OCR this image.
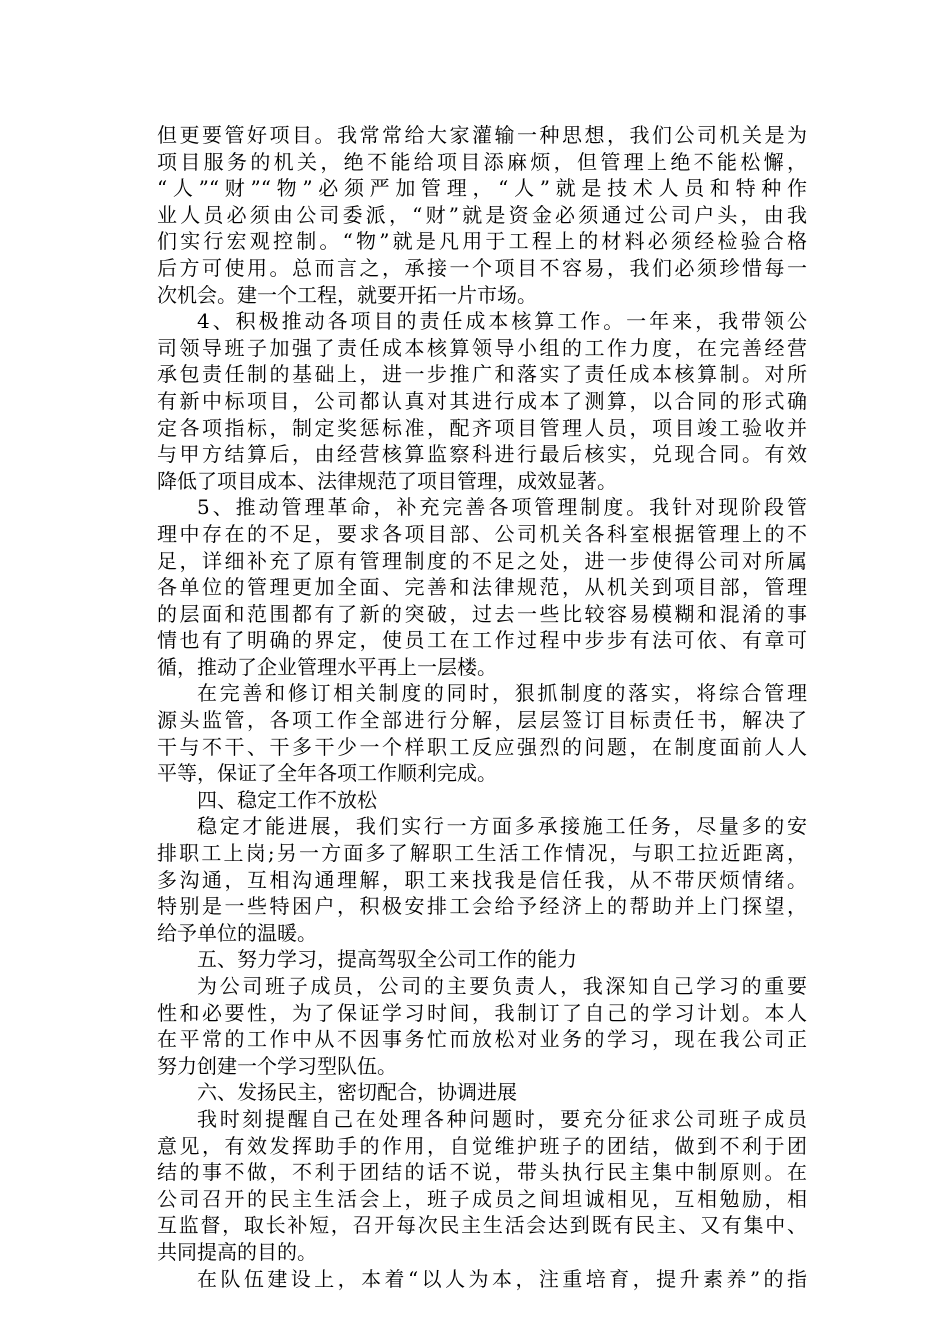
但更要管好项目。我常常给大家灌输一种思想，我们公司机关是为
项目服务的机关，绝不能给项目添麻烦，但管理上绝不能松懈，
“人”“财”“物”必须严加管理，“人”就是技术人员和特种作
业人员必须由公司委派，“财”就是资金必须通过公司户头，由我
们实行宏观控制。“物”就是凡用于工程上的材料必须经检验合格
后方可使用。总而言之，承接一个项目不容易，我们必须珍惜每一
次机会。建一个工程，就要开拓一片市场。
4、积极推动各项目的责任成本核算工作。一年来，我带领公
司领导班子加强了责任成本核算领导小组的工作力度，在完善经营
承包责任制的基础上，进一步推广和落实了责任成本核算制。对所
有新中标项目，公司都认真对其进行成本了测算，以合同的形式确
定各项指标，制定奖惩标准，配齐项目管理人员，项目竣工验收并
与甲方结算后，由经营核算监察科进行最后核实，兑现合同。有效
降低了项目成本、法律规范了项目管理，成效显著。
5、推动管理革命，补充完善各项管理制度。我针对现阶段管
理中存在的不足，要求各项目部、公司机关各科室根据管理上的不
足，详细补充了原有管理制度的不足之处，进一步使得公司对所属
各单位的管理更加全面、完善和法律规范，从机关到项目部，管理
的层面和范围都有了新的突破，过去一些比较容易模糊和混淆的事
情也有了明确的界定，使员工在工作过程中步步有法可依、有章可
循，推动了企业管理水平再上一层楼。
在完善和修订相关制度的同时，狠抓制度的落实，将综合管理
源头监管，各项工作全部进行分解，层层签订目标责任书，解决了
干与不干、干多干少一个样职工反应强烈的问题，在制度面前人人
平等，保证了全年各项工作顺利完成。
四、稳定工作不放松
稳定才能进展，我们实行一方面多承接施工任务，尽量多的安
排职工上岗;另一方面多了解职工生活工作情况，与职工拉近距离，
多沟通，互相沟通理解，职工来找我是信任我，从不带厌烦情绪。
特别是一些特困户，积极安排工会给予经济上的帮助并上门探望，
给予单位的温暖。
五、努力学习，提高驾驭全公司工作的能力
为公司班子成员，公司的主要负责人，我深知自己学习的重要
性和必要性，为了保证学习时间，我制订了自己的学习计划。本人
在平常的工作中从不因事务忙而放松对业务的学习，现在我公司正
努力创建一个学习型队伍。
六、发扬民主，密切配合，协调进展
我时刻提醒自己在处理各种问题时，要充分征求公司班子成员
意见，有效发挥助手的作用，自觉维护班子的团结，做到不利于团
结的事不做，不利于团结的话不说，带头执行民主集中制原则。在
公司召开的民主生活会上，班子成员之间坦诚相见，互相勉励，相
互监督，取长补短，召开每次民主生活会达到既有民主、又有集中、
共同提高的目的。
在队伍建设上，本着“以人为本，注重培育，提升素养”的指
